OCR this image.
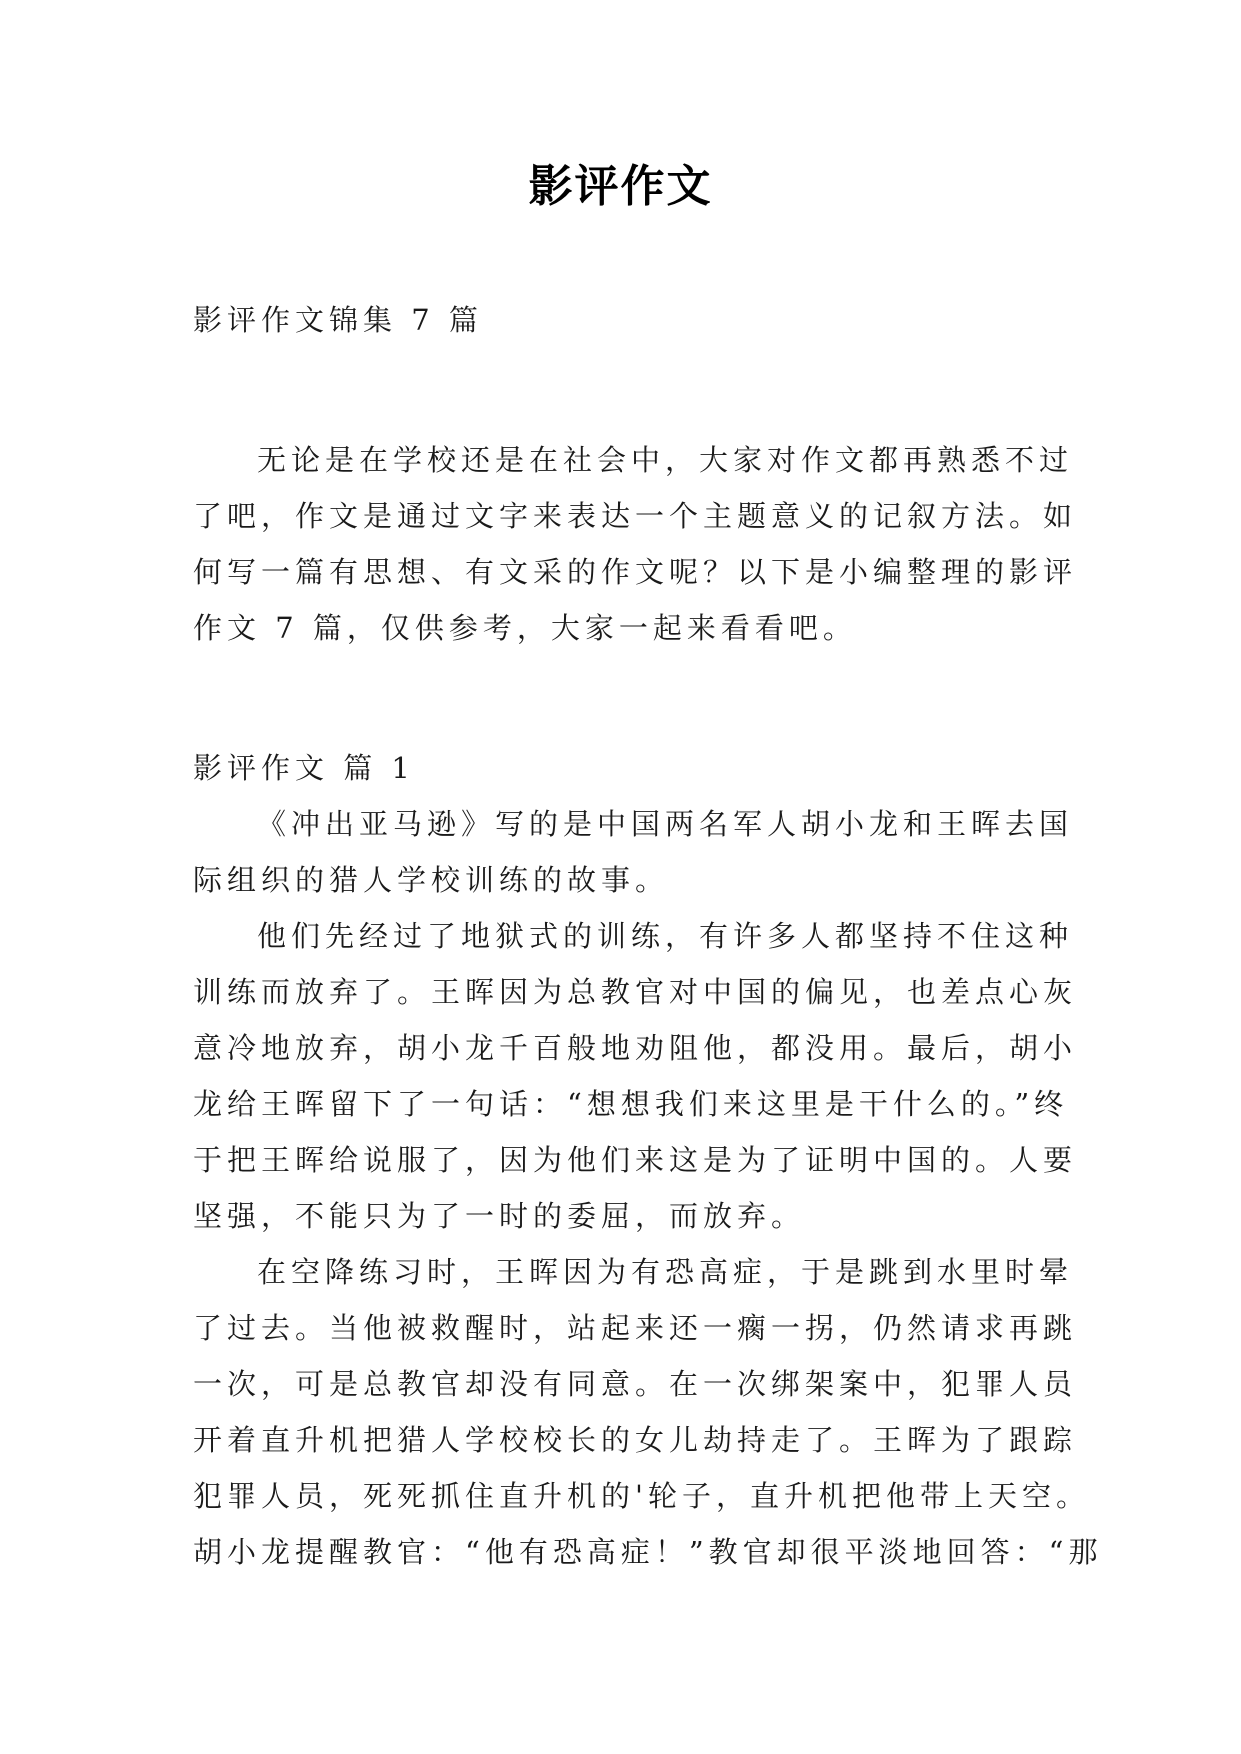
影评作文
影评作文锦集 7 篇
无论是在学校还是在社会中，大家对作文都再熟悉不过
了吧，作文是通过文字来表达一个主题意义的记叙方法。如
何写一篇有思想、有文采的作文呢？以下是小编整理的影评
作文 7 篇，仅供参考，大家一起来看看吧。
影评作文 篇 1
《冲出亚马逊》写的是中国两名军人胡小龙和王晖去国
际组织的猎人学校训练的故事。
他们先经过了地狱式的训练，有许多人都坚持不住这种
训练而放弃了。王晖因为总教官对中国的偏见，也差点心灰
意冷地放弃，胡小龙千百般地劝阻他，都没用。最后，胡小
龙给王晖留下了一句话：“想想我们来这里是干什么的。”终
于把王晖给说服了，因为他们来这是为了证明中国的。人要
坚强，不能只为了一时的委屈，而放弃。
在空降练习时，王晖因为有恐高症，于是跳到水里时晕
了过去。当他被救醒时，站起来还一瘸一拐，仍然请求再跳
一次，可是总教官却没有同意。在一次绑架案中，犯罪人员
开着直升机把猎人学校校长的女儿劫持走了。王晖为了跟踪
犯罪人员，死死抓住直升机的'轮子，直升机把他带上天空。
胡小龙提醒教官：“他有恐高症！”教官却很平淡地回答：“那
